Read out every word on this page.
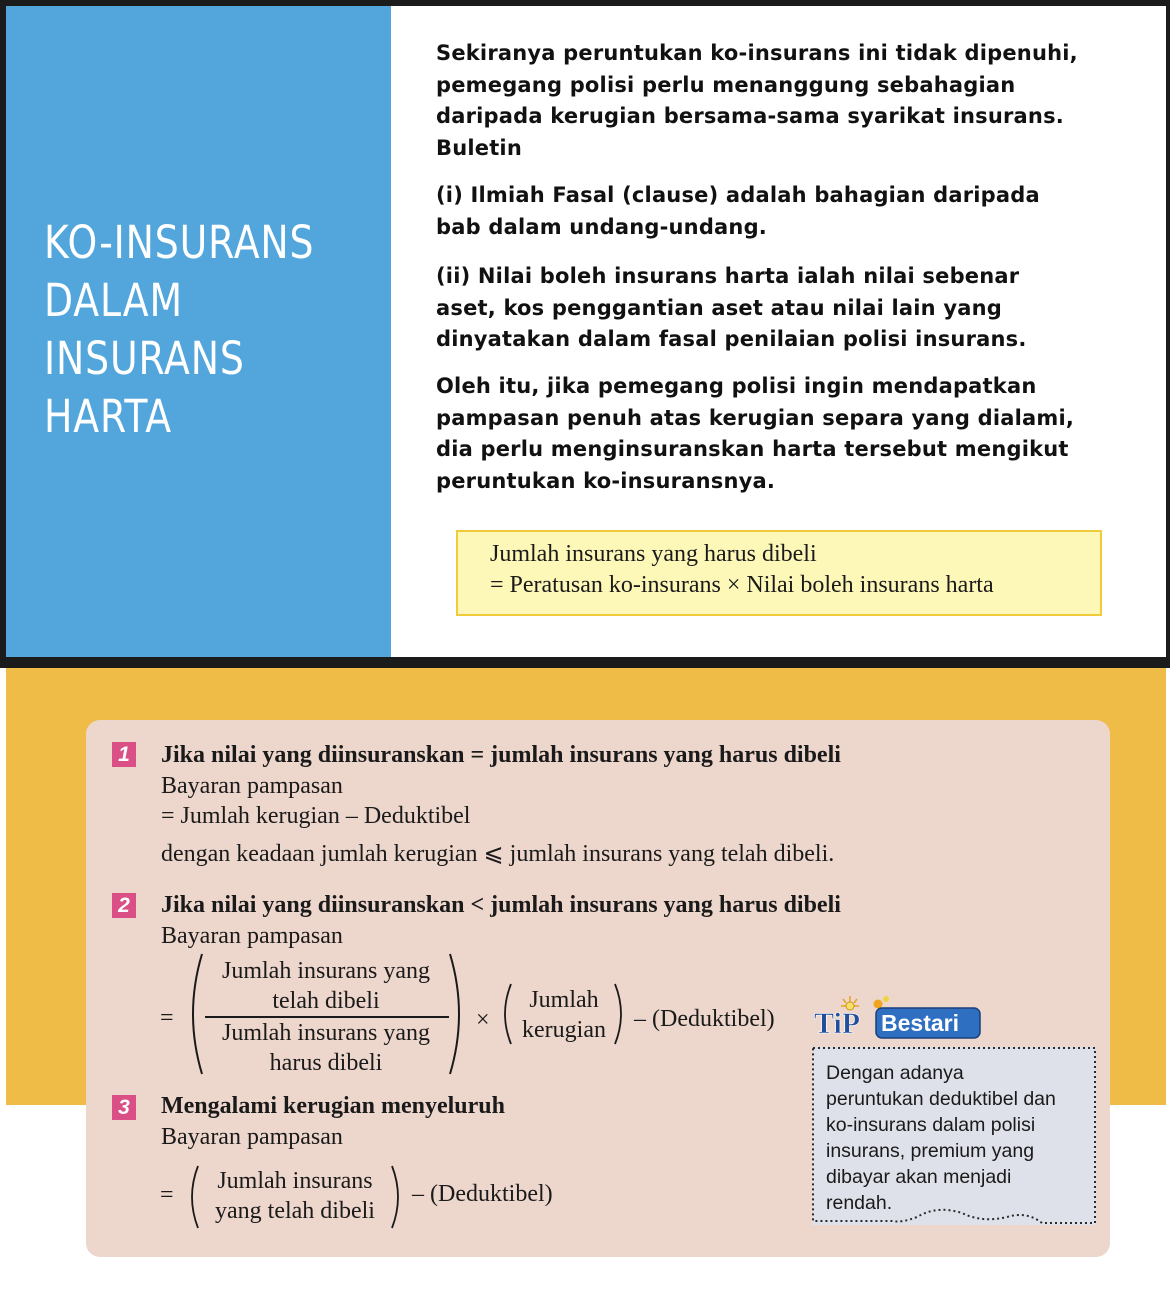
KO-INSURANS
DALAM
INSURANS
HARTA
Sekiranya peruntukan ko-insurans ini tidak dipenuhi,
pemegang polisi perlu menanggung sebahagian
daripada kerugian bersama-sama syarikat insurans.
Buletin
(i) Ilmiah Fasal (clause) adalah bahagian daripada
bab dalam undang-undang.
(ii) Nilai boleh insurans harta ialah nilai sebenar
aset, kos penggantian aset atau nilai lain yang
dinyatakan dalam fasal penilaian polisi insurans.
Oleh itu, jika pemegang polisi ingin mendapatkan
pampasan penuh atas kerugian separa yang dialami,
dia perlu menginsuranskan harta tersebut mengikut
peruntukan ko-insuransnya.
Jumlah insurans yang harus dibeli
= Peratusan ko-insurans × Nilai boleh insurans harta
1 Jika nilai yang diinsuranskan = jumlah insurans yang harus dibeli
Bayaran pampasan
= Jumlah kerugian – Deduktibel
dengan keadaan jumlah kerugian ⩽ jumlah insurans yang telah dibeli.
2 Jika nilai yang diinsuranskan < jumlah insurans yang harus dibeli
Bayaran pampasan
=
Jumlah insurans yang
telah dibeli
Jumlah insurans yang
harus dibeli
×
Jumlah
kerugian	– (Deduktibel)
3 Mengalami kerugian menyeluruh
Bayaran pampasan
=
Jumlah insurans
yang telah dibeli
– (Deduktibel)
TiP Bestari
Dengan adanya
peruntukan deduktibel dan
ko-insurans dalam polisi
insurans, premium yang
dibayar akan menjadi
rendah.
